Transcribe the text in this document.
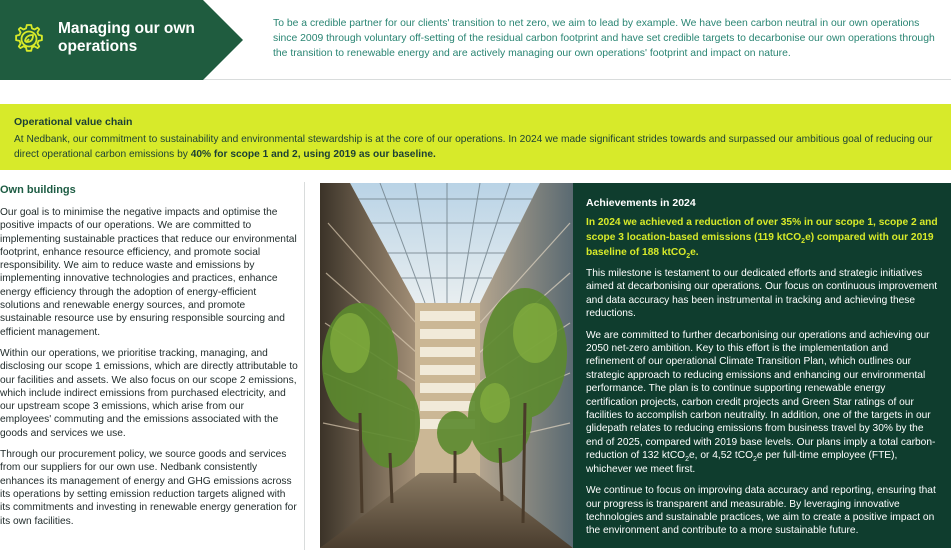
Managing our own operations
To be a credible partner for our clients' transition to net zero, we aim to lead by example. We have been carbon neutral in our own operations since 2009 through voluntary off-setting of the residual carbon footprint and have set credible targets to decarbonise our own operations through the transition to renewable energy and are actively managing our own operations' footprint and impact on nature.
Operational value chain
At Nedbank, our commitment to sustainability and environmental stewardship is at the core of our operations. In 2024 we made significant strides towards and surpassed our ambitious goal of reducing our direct operational carbon emissions by 40% for scope 1 and 2, using 2019 as our baseline.
Own buildings

Our goal is to minimise the negative impacts and optimise the positive impacts of our operations. We are committed to implementing sustainable practices that reduce our environmental footprint, enhance resource efficiency, and promote social responsibility. We aim to reduce waste and emissions by implementing innovative technologies and practices, enhance energy efficiency through the adoption of energy-efficient solutions and renewable energy sources, and promote sustainable resource use by ensuring responsible sourcing and efficient management.

Within our operations, we prioritise tracking, managing, and disclosing our scope 1 emissions, which are directly attributable to our facilities and assets. We also focus on our scope 2 emissions, which include indirect emissions from purchased electricity, and our upstream scope 3 emissions, which arise from our employees' commuting and the emissions associated with the goods and services we use.

Through our procurement policy, we source goods and services from our suppliers for our own use. Nedbank consistently enhances its management of energy and GHG emissions across its operations by setting emission reduction targets aligned with its commitments and investing in renewable energy generation for its own facilities.

Achievements in 2024
In 2024 we achieved a reduction of over 35% in our scope 1, scope 2 and scope 3 location-based emissions (119 ktCO$_2$e) compared with our 2019 baseline of 188 ktCO$_2$e.

This milestone is testament to our dedicated efforts and strategic initiatives aimed at decarbonising our operations. Our focus on continuous improvement and data accuracy has been instrumental in tracking and achieving these reductions.

We are committed to further decarbonising our operations and achieving our 2050 net-zero ambition. Key to this effort is the implementation and refinement of our operational Climate Transition Plan, which outlines our strategic approach to reducing emissions and enhancing our environmental performance. The plan is to continue supporting renewable energy certification projects, carbon credit projects and Green Star ratings of our facilities to accomplish carbon neutrality. In addition, one of the targets in our glidepath relates to reducing emissions from business travel by 30% by the end of 2025, compared with 2019 base levels. Our plans imply a total carbon-reduction of 132 ktCO$_2$e, or 4,52 tCO$_2$e per full-time employee (FTE), whichever we meet first.

We continue to focus on improving data accuracy and reporting, ensuring that our progress is transparent and measurable. By leveraging innovative technologies and sustainable practices, we aim to create a positive impact on the environment and contribute to a more sustainable future.
